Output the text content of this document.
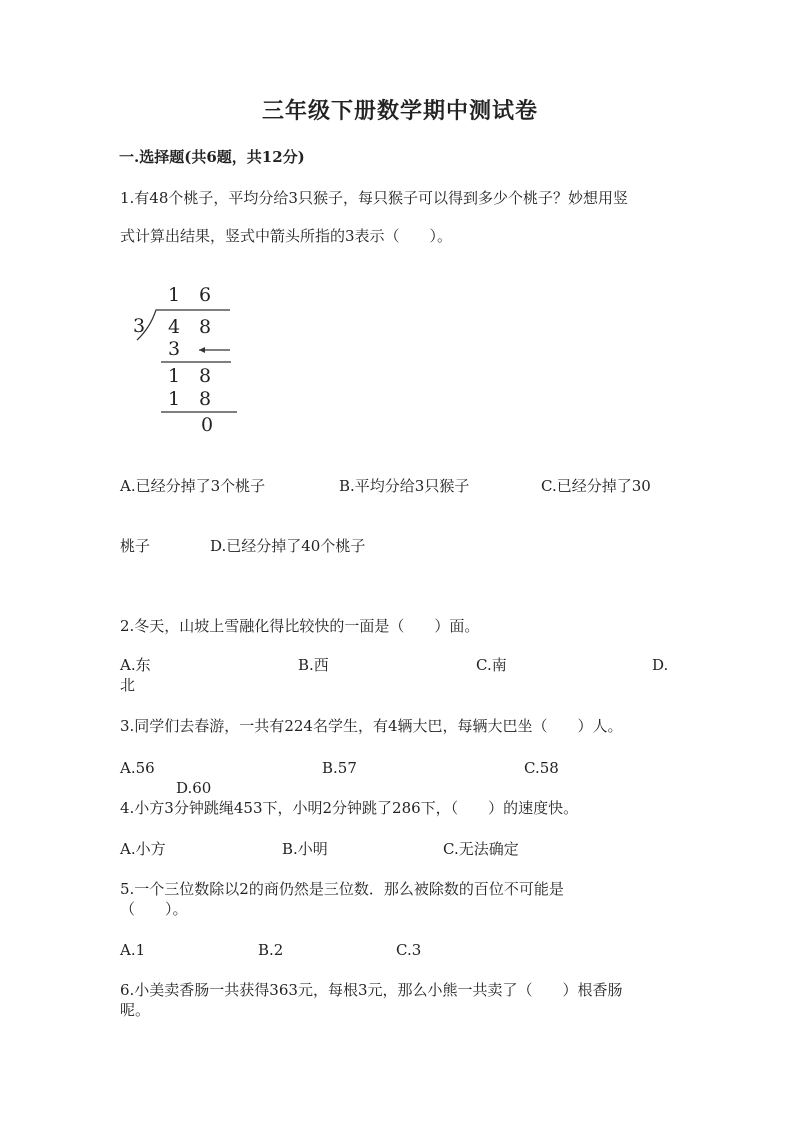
三年级下册数学期中测试卷
一.选择题(共6题，共12分)
1.有48个桃子，平均分给3只猴子，每只猴子可以得到多少个桃子？妙想用竖
式计算出结果，竖式中箭头所指的3表示（　　）。
1 6
3 4 8
3
1 8
1 8
0
A.已经分掉了3个桃子	B.平均分给3只猴子	C.已经分掉了30
桃子	D.已经分掉了40个桃子
2.冬天，山坡上雪融化得比较快的一面是（　　）面。
A.东	B.西	C.南	D.
北
3.同学们去春游，一共有224名学生，有4辆大巴，每辆大巴坐（　　）人。
A.56	B.57	C.58
D.60
4.小方3分钟跳绳453下，小明2分钟跳了286下，（　　）的速度快。
A.小方	B.小明	C.无法确定
5.一个三位数除以2的商仍然是三位数．那么被除数的百位不可能是
（　　）。
A.1	B.2	C.3
6.小美卖香肠一共获得363元，每根3元，那么小熊一共卖了（　　）根香肠
呢。
